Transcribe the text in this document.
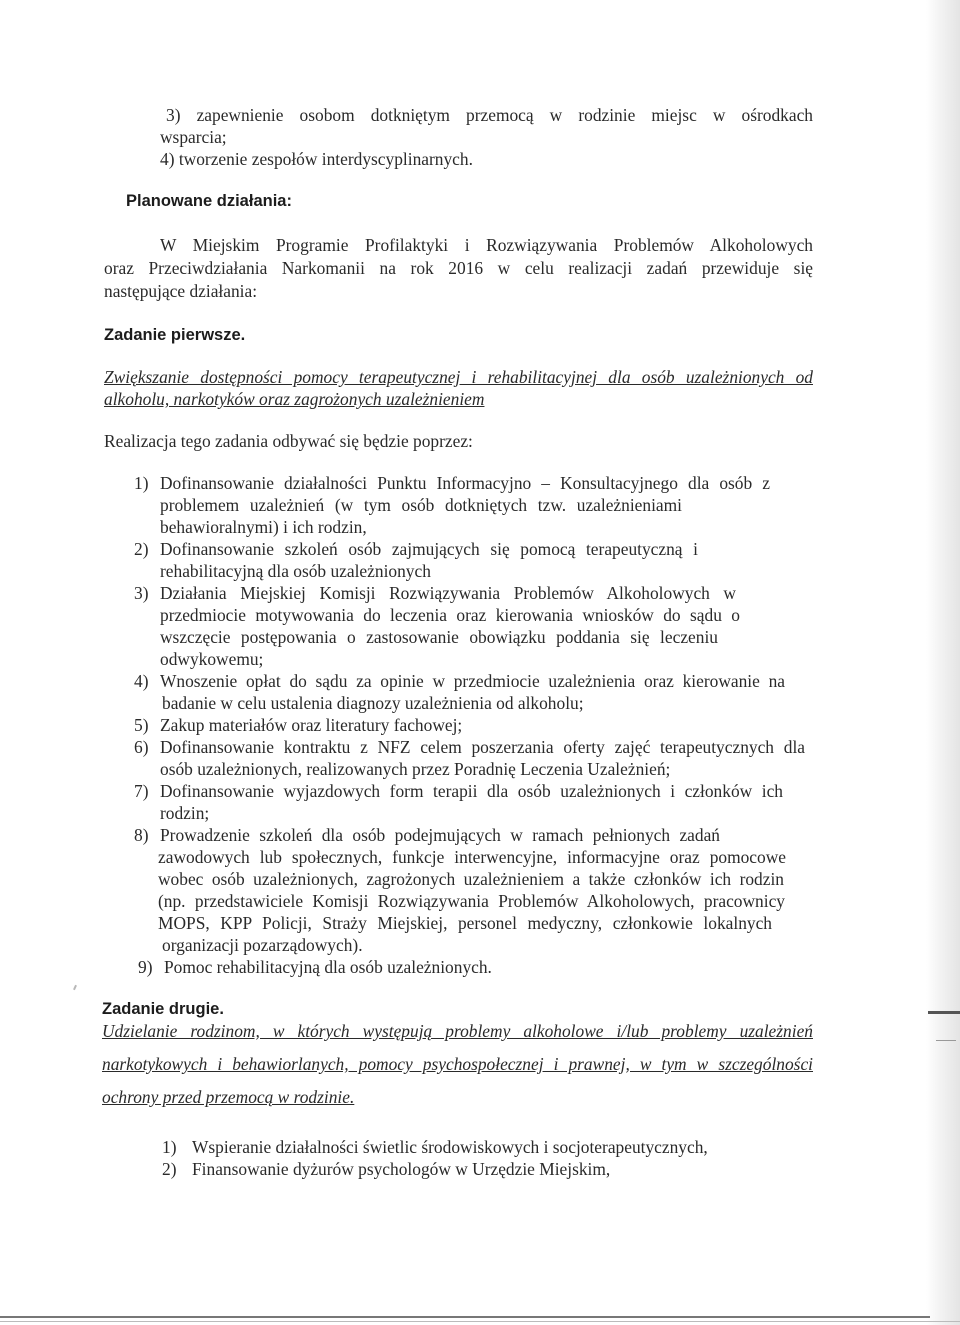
3) zapewnienie osobom dotkniętym przemocą w rodzinie miejsc w ośrodkach

wsparcia;

4) tworzenie zespołów interdyscyplinarnych.

Planowane działania:

W Miejskim Programie Profilaktyki i Rozwiązywania Problemów Alkoholowych

oraz Przeciwdziałania Narkomanii na rok 2016 w celu realizacji zadań przewiduje się

następujące działania:

Zadanie pierwsze.

Zwiększanie dostępności pomocy terapeutycznej i rehabilitacyjnej dla osób uzależnionych od

alkoholu, narkotyków oraz zagrożonych uzależnieniem

Realizacja tego zadania odbywać się będzie poprzez:

1) Dofinansowanie działalności Punktu Informacyjno – Konsultacyjnego dla osób z

problemem uzależnień (w tym osób dotkniętych tzw. uzależnieniami

behawioralnymi) i ich rodzin,

2) Dofinansowanie szkoleń osób zajmujących się pomocą terapeutyczną i

rehabilitacyjną dla osób uzależnionych

3) Działania Miejskiej Komisji Rozwiązywania Problemów Alkoholowych w

przedmiocie motywowania do leczenia oraz kierowania wniosków do sądu o

wszczęcie postępowania o zastosowanie obowiązku poddania się leczeniu

odwykowemu;

4) Wnoszenie opłat do sądu za opinie w przedmiocie uzależnienia oraz kierowanie na

badanie w celu ustalenia diagnozy uzależnienia od alkoholu;

5) Zakup materiałów oraz literatury fachowej;

6) Dofinansowanie kontraktu z NFZ celem poszerzania oferty zajęć terapeutycznych dla

osób uzależnionych, realizowanych przez Poradnię Leczenia Uzależnień;

7) Dofinansowanie wyjazdowych form terapii dla osób uzależnionych i członków ich

rodzin;

8) Prowadzenie szkoleń dla osób podejmujących w ramach pełnionych zadań

zawodowych lub społecznych, funkcje interwencyjne, informacyjne oraz pomocowe

wobec osób uzależnionych, zagrożonych uzależnieniem a także członków ich rodzin

(np. przedstawiciele Komisji Rozwiązywania Problemów Alkoholowych, pracownicy

MOPS, KPP Policji, Straży Miejskiej, personel medyczny, członkowie lokalnych

organizacji pozarządowych).

9) Pomoc rehabilitacyjną dla osób uzależnionych.

Zadanie drugie.

Udzielanie rodzinom, w których występują problemy alkoholowe i/lub problemy uzależnień

narkotykowych i behawiorlanych, pomocy psychospołecznej i prawnej, w tym w szczególności

ochrony przed przemocą w rodzinie.

1) Wspieranie działalności świetlic środowiskowych i socjoterapeutycznych,

2) Finansowanie dyżurów psychologów w Urzędzie Miejskim,
